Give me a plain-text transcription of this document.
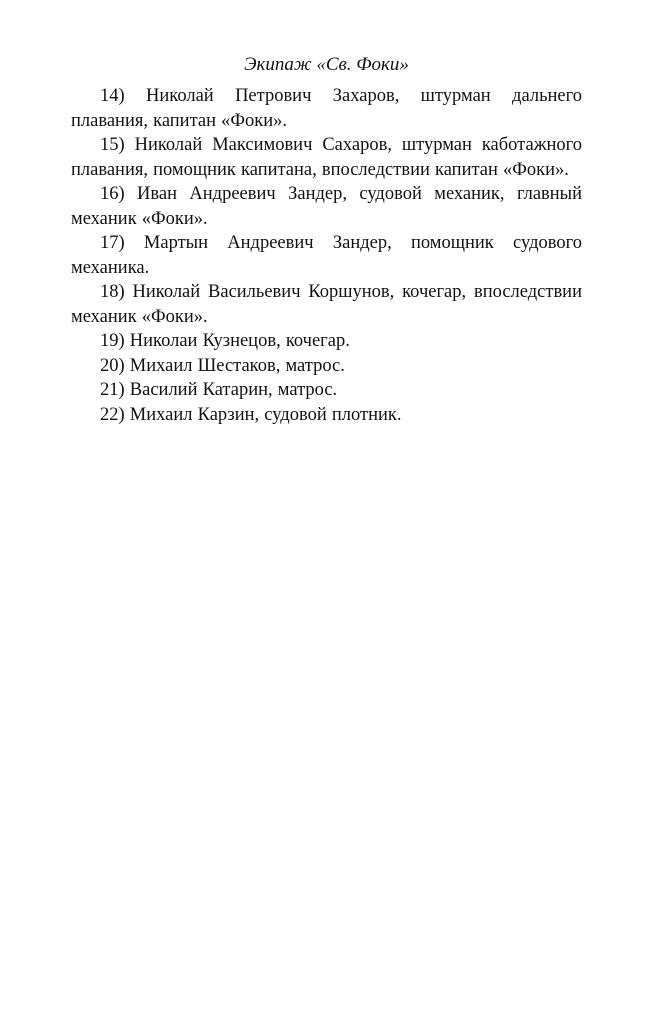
Экипаж «Св. Фоки»

14) Николай Петрович Захаров, штурман дальнего плавания, капитан «Фоки».

15) Николай Максимович Сахаров, штурман каботажного плавания, помощник капитана, впоследствии капитан «Фоки».

16) Иван Андреевич Зандер, судовой механик, главный механик «Фоки».

17) Мартын Андреевич Зандер, помощник судового механика.

18) Николай Васильевич Коршунов, кочегар, впоследствии механик «Фоки».

19) Николаи Кузнецов, кочегар.

20) Михаил Шестаков, матрос.

21) Василий Катарин, матрос.

22) Михаил Карзин, судовой плотник.
